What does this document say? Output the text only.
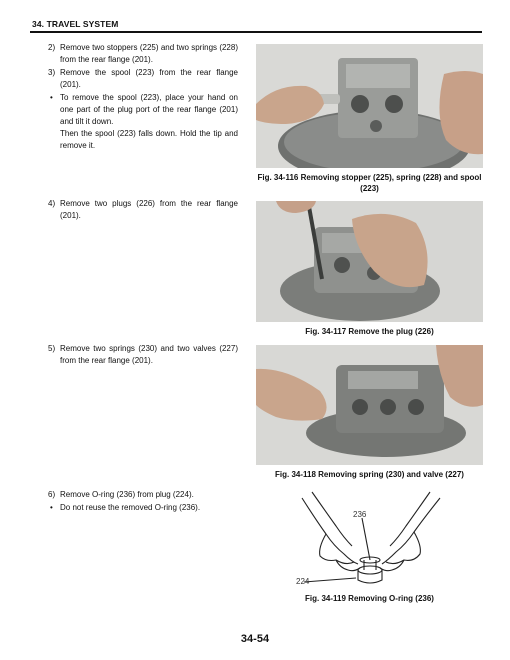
34. TRAVEL SYSTEM
2) Remove two stoppers (225) and two springs (228) from the rear flange (201).
3) Remove the spool (223) from the rear flange (201).
• To remove the spool (223), place your hand on one part of the plug port of the rear flange (201) and tilt it down.
Then the spool (223) falls down. Hold the tip and remove it.
4) Remove two plugs (226) from the rear flange (201).
5) Remove two springs (230) and two valves (227) from the rear flange (201).
6) Remove O-ring (236) from plug (224).
• Do not reuse the removed O-ring (236).
Fig. 34-116 Removing stopper (225), spring (228) and spool (223)
Fig. 34-117 Remove the plug (226)
Fig. 34-118 Removing spring (230) and valve (227)
236
224
Fig. 34-119 Removing O-ring (236)
34-54
